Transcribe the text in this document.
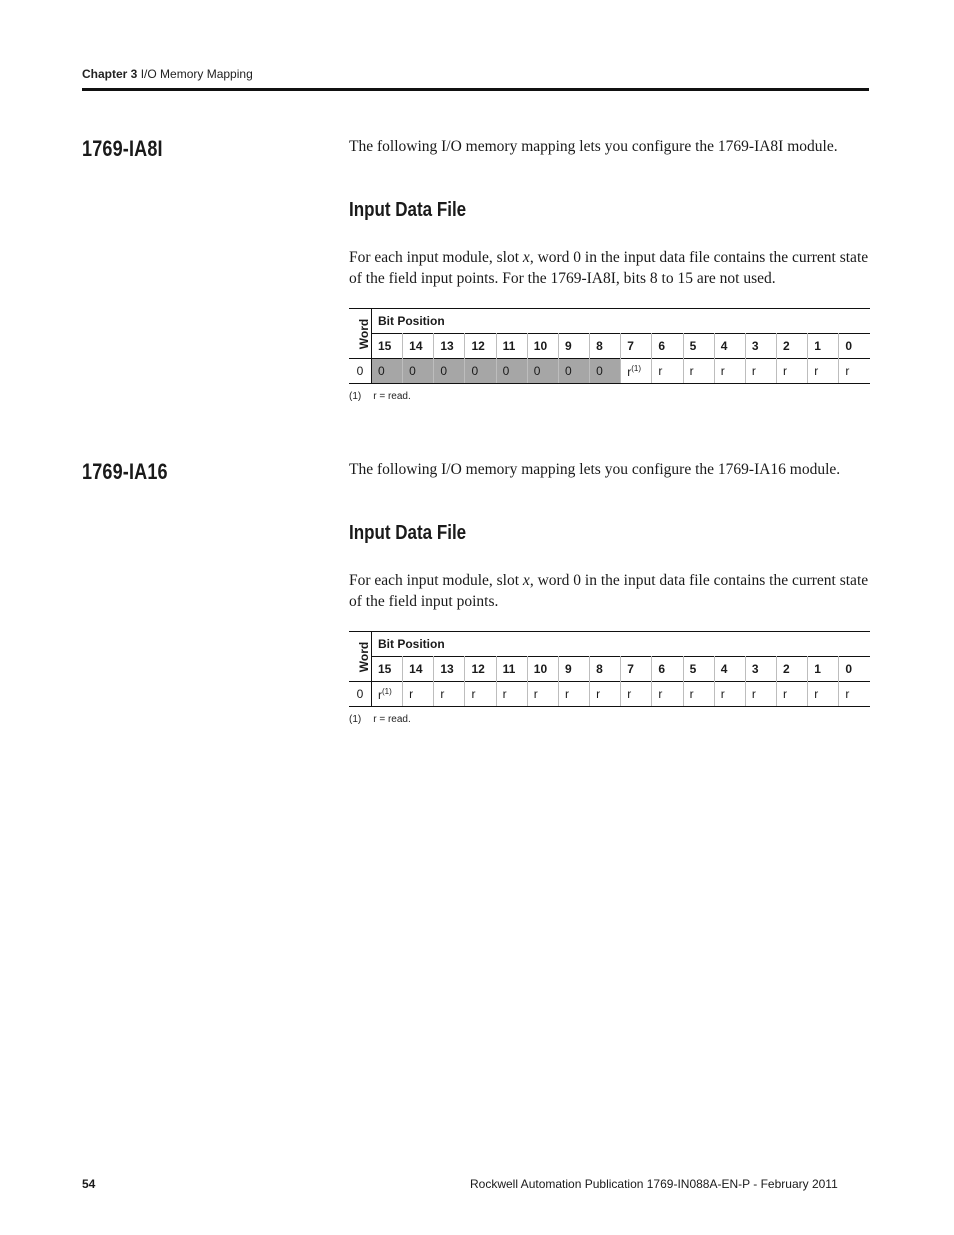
Chapter 3 I/O Memory Mapping
1769-IA8I	The following I/O memory mapping lets you configure the 1769-IA8I module.
Input Data File
For each input module, slot x, word 0 in the input data file contains the current state of the field input points. For the 1769-IA8I, bits 8 to 15 are not used.
Word	Bit Position															
	15	14	13	12	11	10	9	8	7	6	5	4	3	2	1	0
0	0	0	0	0	0	0	0	0	$r^{(1)}$	r	r	r	r	r	r	r
(1) r = read.
1769-IA16	The following I/O memory mapping lets you configure the 1769-IA16 module.
Input Data File
For each input module, slot x, word 0 in the input data file contains the current state of the field input points.
Word	Bit Position															
	15	14	13	12	11	10	9	8	7	6	5	4	3	2	1	0
0	$r^{(1)}$	r	r	r	r	r	r	r	r	r	r	r	r	r	r	r
(1) r = read.
54	Rockwell Automation Publication 1769-IN088A-EN-P - February 2011
